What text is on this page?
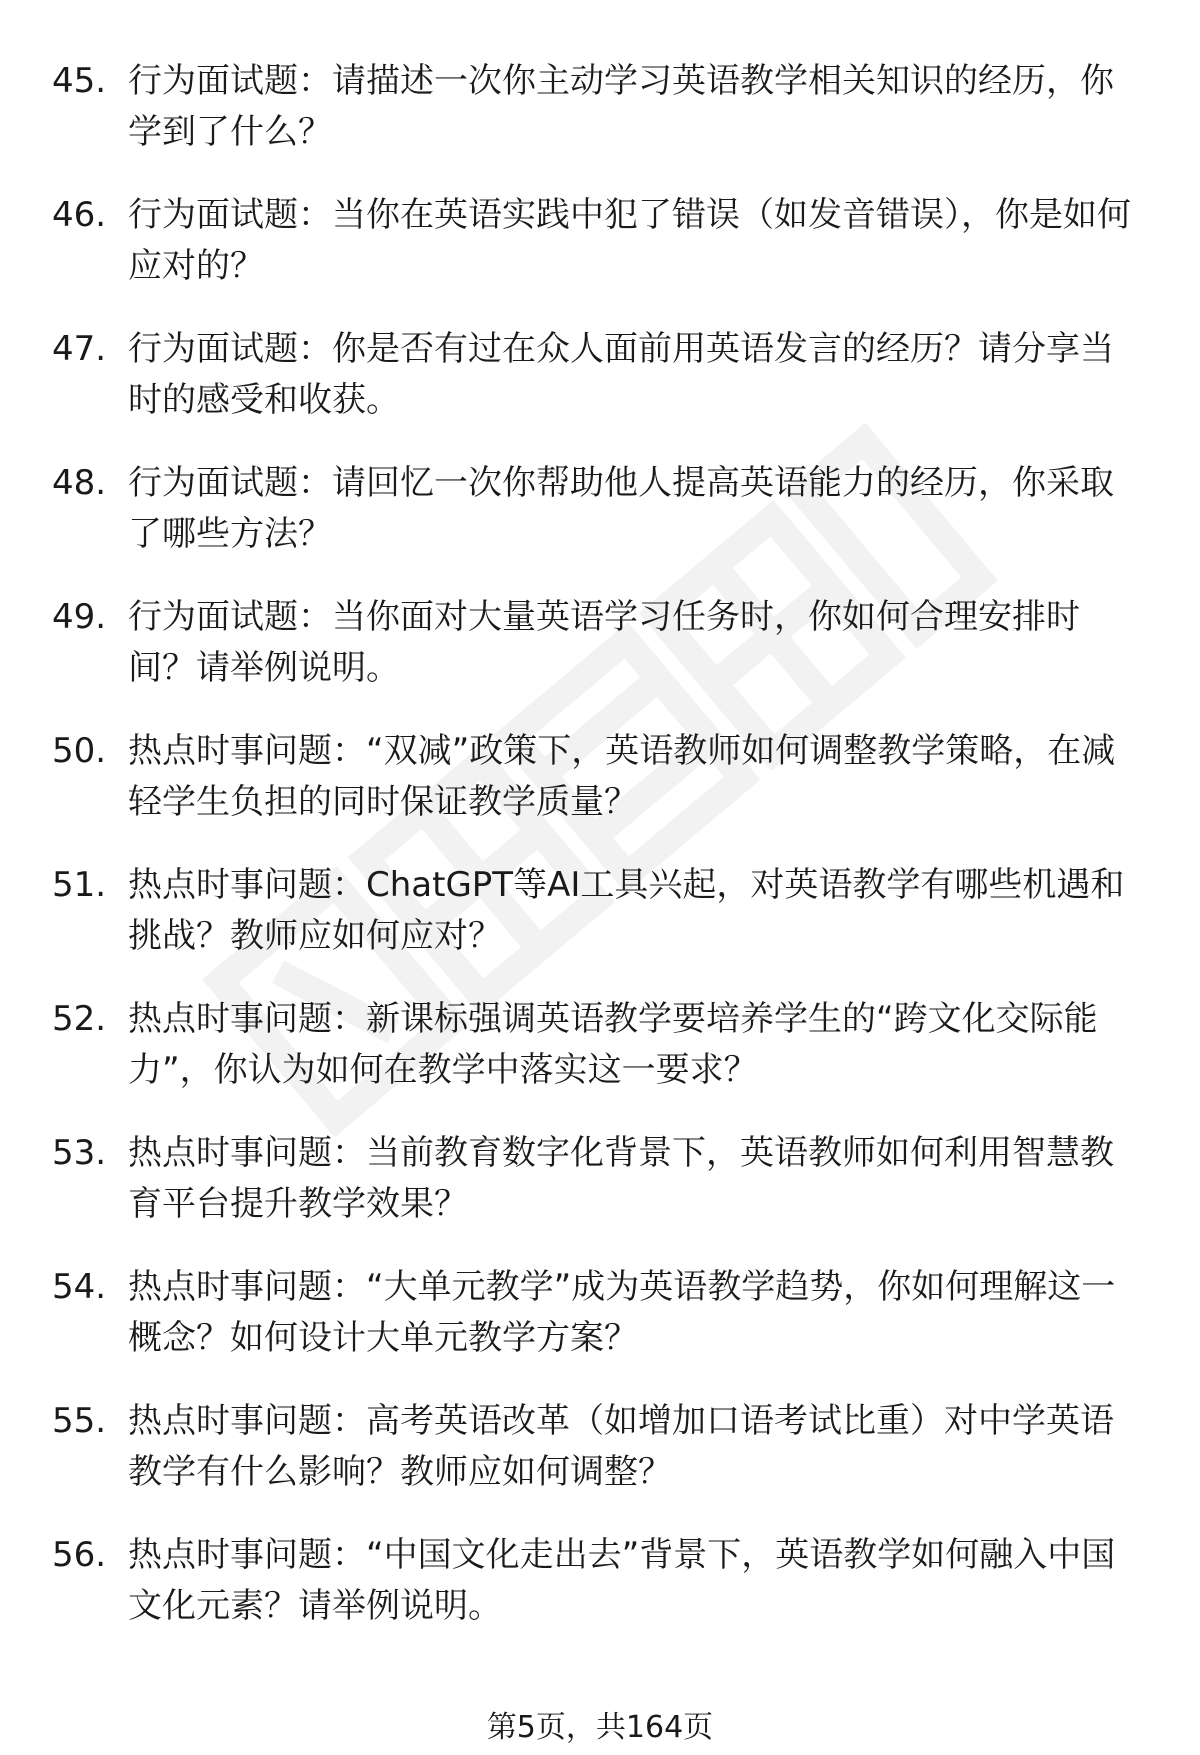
45. 行为面试题：请描述一次你主动学习英语教学相关知识的经历，你学到了什么？
46. 行为面试题：当你在英语实践中犯了错误（如发音错误），你是如何应对的？
47. 行为面试题：你是否有过在众人面前用英语发言的经历？请分享当时的感受和收获。
48. 行为面试题：请回忆一次你帮助他人提高英语能力的经历，你采取了哪些方法？
49. 行为面试题：当你面对大量英语学习任务时，你如何合理安排时间？请举例说明。
50. 热点时事问题：“双减”政策下，英语教师如何调整教学策略，在减轻学生负担的同时保证教学质量？
51. 热点时事问题：ChatGPT等AI工具兴起，对英语教学有哪些机遇和挑战？教师应如何应对？
52. 热点时事问题：新课标强调英语教学要培养学生的“跨文化交际能力”，你认为如何在教学中落实这一要求？
53. 热点时事问题：当前教育数字化背景下，英语教师如何利用智慧教育平台提升教学效果？
54. 热点时事问题：“大单元教学”成为英语教学趋势，你如何理解这一概念？如何设计大单元教学方案？
55. 热点时事问题：高考英语改革（如增加口语考试比重）对中学英语教学有什么影响？教师应如何调整？
56. 热点时事问题：“中国文化走出去”背景下，英语教学如何融入中国文化元素？请举例说明。
第5页，共164页
